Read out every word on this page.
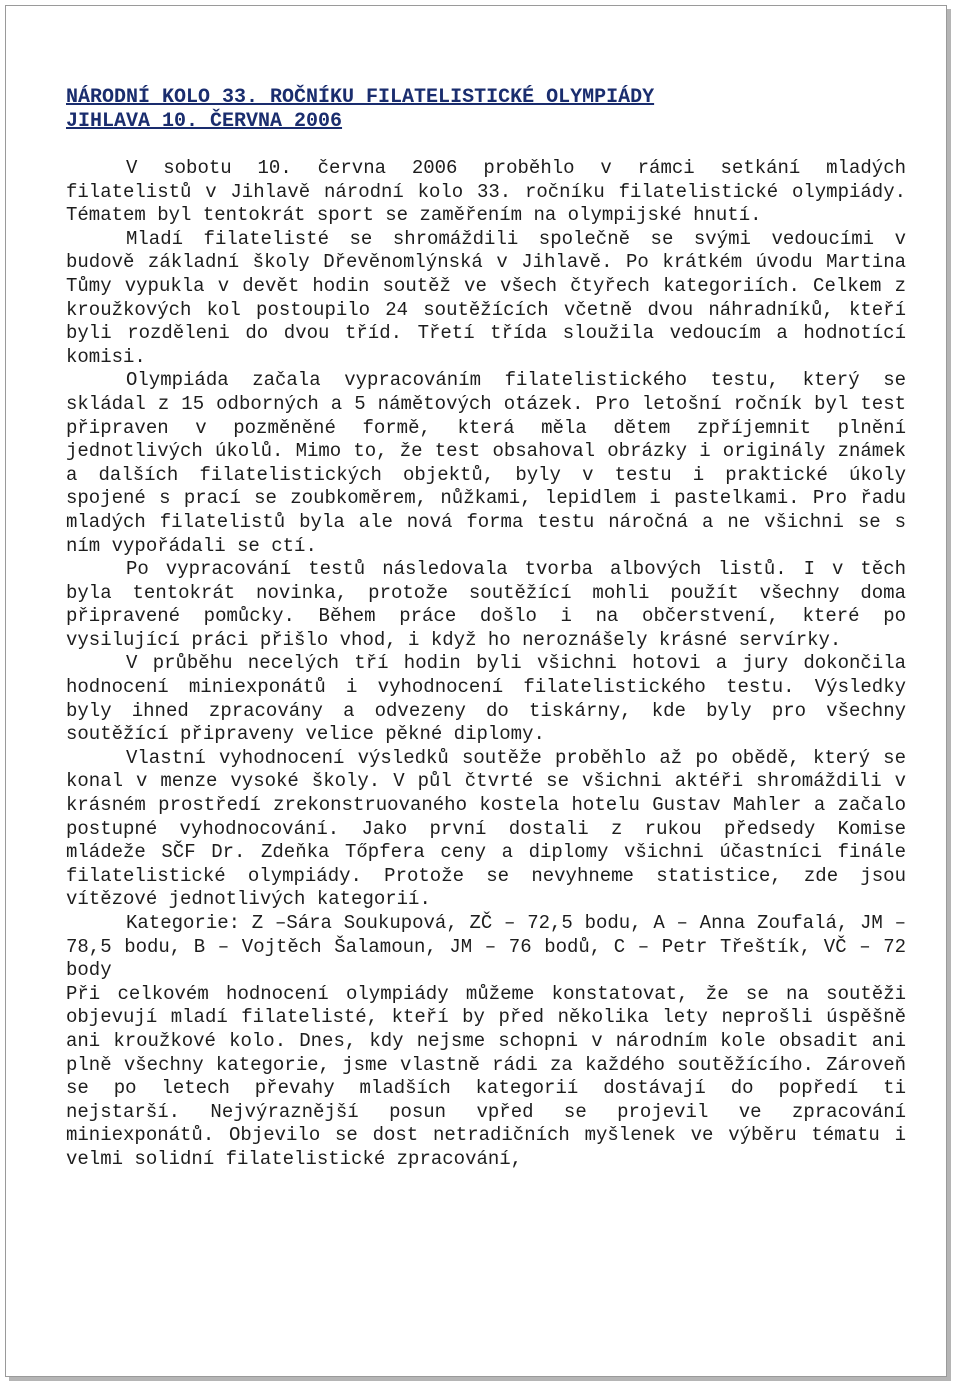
NÁRODNÍ KOLO 33. ROČNÍKU FILATELISTICKÉ OLYMPIÁDY
JIHLAVA 10. ČERVNA 2006

V sobotu 10. června 2006 proběhlo v rámci setkání mladých filatelistů v Jihlavě národní kolo 33. ročníku filatelistické olympiády. Tématem byl tentokrát sport se zaměřením na olympijské hnutí.

Mladí filatelisté se shromáždili společně se svými vedoucími v budově základní školy Dřevěnomlýnská v Jihlavě. Po krátkém úvodu Martina Tůmy vypukla v devět hodin soutěž ve všech čtyřech kategoriích. Celkem z kroužkových kol postoupilo 24 soutěžících včetně dvou náhradníků, kteří byli rozděleni do dvou tříd. Třetí třída sloužila vedoucím a hodnotící komisi.

Olympiáda začala vypracováním filatelistického testu, který se skládal z 15 odborných a 5 námětových otázek. Pro letošní ročník byl test připraven v pozměněné formě, která měla dětem zpříjemnit plnění jednotlivých úkolů. Mimo to, že test obsahoval obrázky i originály známek a dalších filatelistických objektů, byly v testu i praktické úkoly spojené s prací se zoubkoměrem, nůžkami, lepidlem i pastelkami. Pro řadu mladých filatelistů byla ale nová forma testu náročná a ne všichni se s ním vypořádali se ctí.

Po vypracování testů následovala tvorba albových listů. I v těch byla tentokrát novinka, protože soutěžící mohli použít všechny doma připravené pomůcky. Během práce došlo i na občerstvení, které po vysilující práci přišlo vhod, i když ho neroznášely krásné servírky.

V průběhu necelých tří hodin byli všichni hotovi a jury dokončila hodnocení miniexponátů i vyhodnocení filatelistického testu. Výsledky byly ihned zpracovány a odvezeny do tiskárny, kde byly pro všechny soutěžící připraveny velice pěkné diplomy.

Vlastní vyhodnocení výsledků soutěže proběhlo až po obědě, který se konal v menze vysoké školy. V půl čtvrté se všichni aktéři shromáždili v krásném prostředí zrekonstruovaného kostela hotelu Gustav Mahler a začalo postupné vyhodnocování. Jako první dostali z rukou předsedy Komise mládeže SČF Dr. Zdeňka Tőpfera ceny a diplomy všichni účastníci finále filatelistické olympiády. Protože se nevyhneme statistice, zde jsou vítězové jednotlivých kategorií.

Kategorie: Z –Sára Soukupová, ZČ – 72,5 bodu, A – Anna Zoufalá, JM – 78,5 bodu, B – Vojtěch Šalamoun, JM – 76 bodů, C – Petr Třeštík, VČ – 72 body

Při celkovém hodnocení olympiády můžeme konstatovat, že se na soutěži objevují mladí filatelisté, kteří by před několika lety neprošli úspěšně ani kroužkové kolo. Dnes, kdy nejsme schopni v národním kole obsadit ani plně všechny kategorie, jsme vlastně rádi za každého soutěžícího. Zároveň se po letech převahy mladších kategorií dostávají do popředí ti nejstarší. Nejvýraznější posun vpřed se projevil ve zpracování miniexponátů. Objevilo se dost netradičních myšlenek ve výběru tématu i velmi solidní filatelistické zpracování,
